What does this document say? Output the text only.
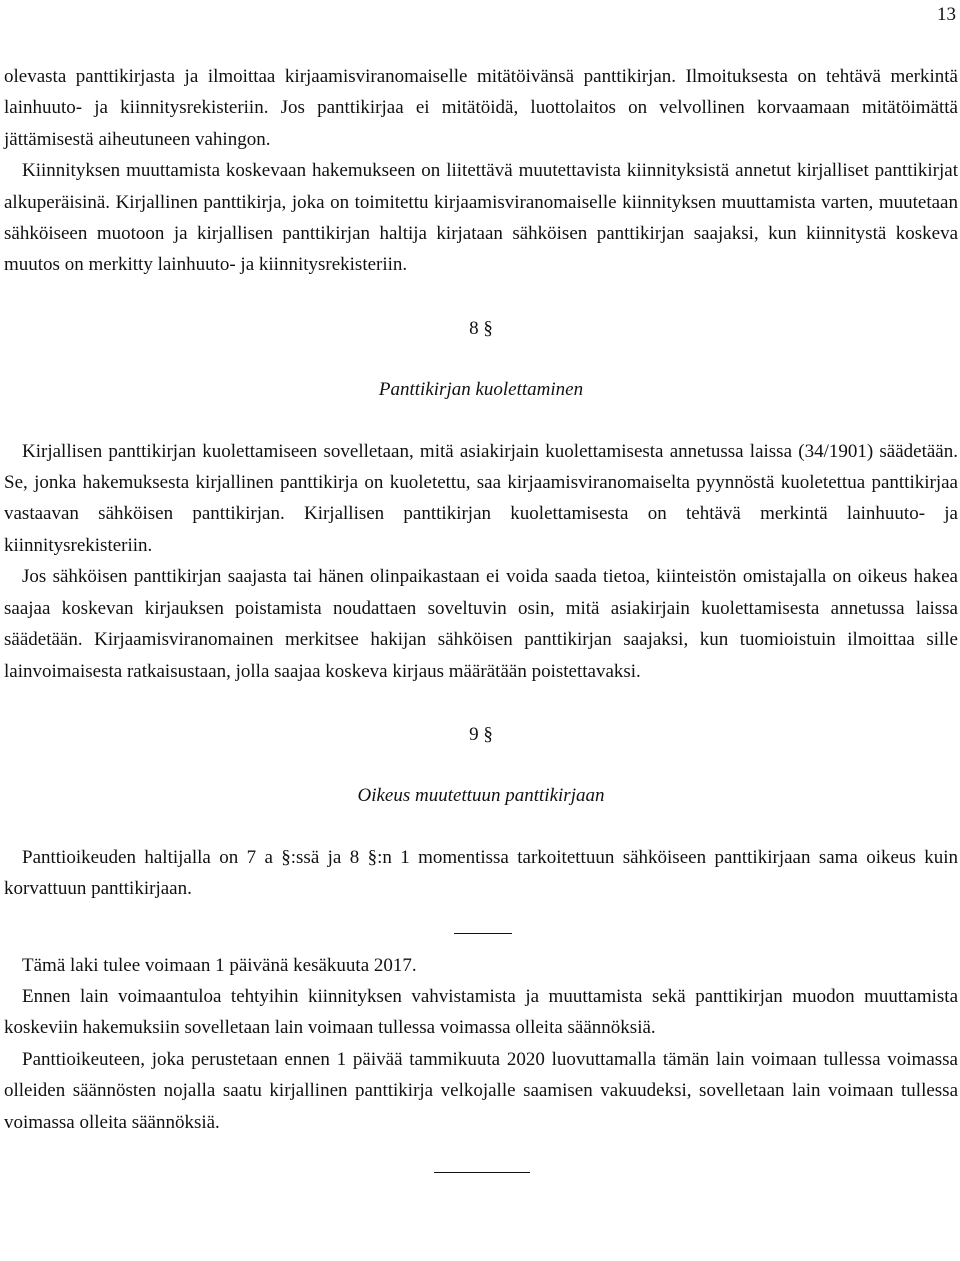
13

olevasta panttikirjasta ja ilmoittaa kirjaamisviranomaiselle mitätöivänsä panttikirjan. Ilmoituksesta on tehtävä merkintä lainhuuto- ja kiinnitysrekisteriin. Jos panttikirjaa ei mitätöidä, luottolaitos on velvollinen korvaamaan mitätöimättä jättämisestä aiheutuneen vahingon.

Kiinnityksen muuttamista koskevaan hakemukseen on liitettävä muutettavista kiinnityksistä annetut kirjalliset panttikirjat alkuperäisinä. Kirjallinen panttikirja, joka on toimitettu kirjaamisviranomaiselle kiinnityksen muuttamista varten, muutetaan sähköiseen muotoon ja kirjallisen panttikirjan haltija kirjataan sähköisen panttikirjan saajaksi, kun kiinnitystä koskeva muutos on merkitty lainhuuto- ja kiinnitysrekisteriin.

8 §

Panttikirjan kuolettaminen

Kirjallisen panttikirjan kuolettamiseen sovelletaan, mitä asiakirjain kuolettamisesta annetussa laissa (34/1901) säädetään. Se, jonka hakemuksesta kirjallinen panttikirja on kuoletettu, saa kirjaamisviranomaiselta pyynnöstä kuoletettua panttikirjaa vastaavan sähköisen panttikirjan. Kirjallisen panttikirjan kuolettamisesta on tehtävä merkintä lainhuuto- ja kiinnitysrekisteriin.

Jos sähköisen panttikirjan saajasta tai hänen olinpaikastaan ei voida saada tietoa, kiinteistön omistajalla on oikeus hakea saajaa koskevan kirjauksen poistamista noudattaen soveltuvin osin, mitä asiakirjain kuolettamisesta annetussa laissa säädetään. Kirjaamisviranomainen merkitsee hakijan sähköisen panttikirjan saajaksi, kun tuomioistuin ilmoittaa sille lainvoimaisesta ratkaisustaan, jolla saajaa koskeva kirjaus määrätään poistettavaksi.

9 §

Oikeus muutettuun panttikirjaan

Panttioikeuden haltijalla on 7 a §:ssä ja 8 §:n 1 momentissa tarkoitettuun sähköiseen panttikirjaan sama oikeus kuin korvattuun panttikirjaan.

Tämä laki tulee voimaan 1 päivänä kesäkuuta 2017.

Ennen lain voimaantuloa tehtyihin kiinnityksen vahvistamista ja muuttamista sekä panttikirjan muodon muuttamista koskeviin hakemuksiin sovelletaan lain voimaan tullessa voimassa olleita säännöksiä.

Panttioikeuteen, joka perustetaan ennen 1 päivää tammikuuta 2020 luovuttamalla tämän lain voimaan tullessa voimassa olleiden säännösten nojalla saatu kirjallinen panttikirja velkojalle saamisen vakuudeksi, sovelletaan lain voimaan tullessa voimassa olleita säännöksiä.
